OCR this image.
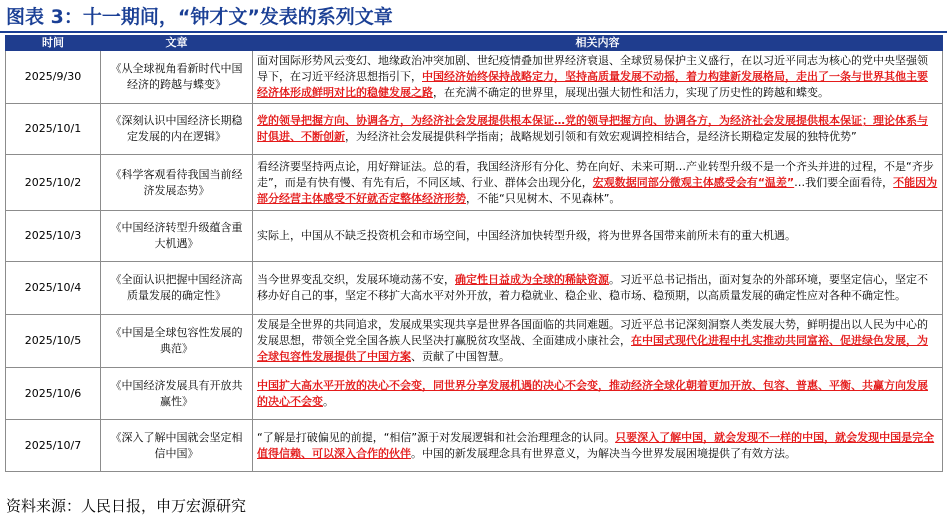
图表 3：十一期间，“钟才文”发表的系列文章
时间	文章	相关内容
2025/9/30	《从全球视角看新时代中国经济的跨越与蝶变》	面对国际形势风云变幻、地缘政治冲突加剧、世纪疫情叠加世界经济衰退、全球贸易保护主义盛行，在以习近平同志为核心的党中央坚强领导下，在习近平经济思想指引下，中国经济始终保持战略定力，坚持高质量发展不动摇，着力构建新发展格局，走出了一条与世界其他主要经济体形成鲜明对比的稳健发展之路，在充满不确定的世界里，展现出强大韧性和活力，实现了历史性的跨越和蝶变。
2025/10/1	《深刻认识中国经济长期稳定发展的内在逻辑》	党的领导把握方向、协调各方，为经济社会发展提供根本保证…党的领导把握方向、协调各方，为经济社会发展提供根本保证；理论体系与时俱进、不断创新，为经济社会发展提供科学指南；战略规划引领和有效宏观调控相结合，是经济长期稳定发展的独特优势”
2025/10/2	《科学客观看待我国当前经济发展态势》	看经济要坚持两点论，用好辩证法。总的看，我国经济形有分化、势在向好、未来可期…产业转型升级不是一个齐头并进的过程，不是“齐步走”，而是有快有慢、有先有后，不同区域、行业、群体会出现分化，宏观数据同部分微观主体感受会有“温差”…我们要全面看待，不能因为部分经营主体感受不好就否定整体经济形势，不能“只见树木、不见森林”。
2025/10/3	《中国经济转型升级蕴含重大机遇》	实际上，中国从不缺乏投资机会和市场空间，中国经济加快转型升级，将为世界各国带来前所未有的重大机遇。
2025/10/4	《全面认识把握中国经济高质量发展的确定性》	当今世界变乱交织，发展环境动荡不安，确定性日益成为全球的稀缺资源。习近平总书记指出，面对复杂的外部环境，要坚定信心，坚定不移办好自己的事，坚定不移扩大高水平对外开放，着力稳就业、稳企业、稳市场、稳预期，以高质量发展的确定性应对各种不确定性。
2025/10/5	《中国是全球包容性发展的典范》	发展是全世界的共同追求，发展成果实现共享是世界各国面临的共同难题。习近平总书记深刻洞察人类发展大势，鲜明提出以人民为中心的发展思想，带领全党全国各族人民坚决打赢脱贫攻坚战、全面建成小康社会，在中国式现代化进程中扎实推动共同富裕、促进绿色发展，为全球包容性发展提供了中国方案、贡献了中国智慧。
2025/10/6	《中国经济发展具有开放共赢性》	中国扩大高水平开放的决心不会变，同世界分享发展机遇的决心不会变，推动经济全球化朝着更加开放、包容、普惠、平衡、共赢方向发展的决心不会变。
2025/10/7	《深入了解中国就会坚定相信中国》	“了解是打破偏见的前提，“相信”源于对发展逻辑和社会治理理念的认同。只要深入了解中国，就会发现不一样的中国，就会发现中国是完全值得信赖、可以深入合作的伙伴。中国的新发展理念具有世界意义，为解决当今世界发展困境提供了有效方法。
资料来源：人民日报，申万宏源研究
